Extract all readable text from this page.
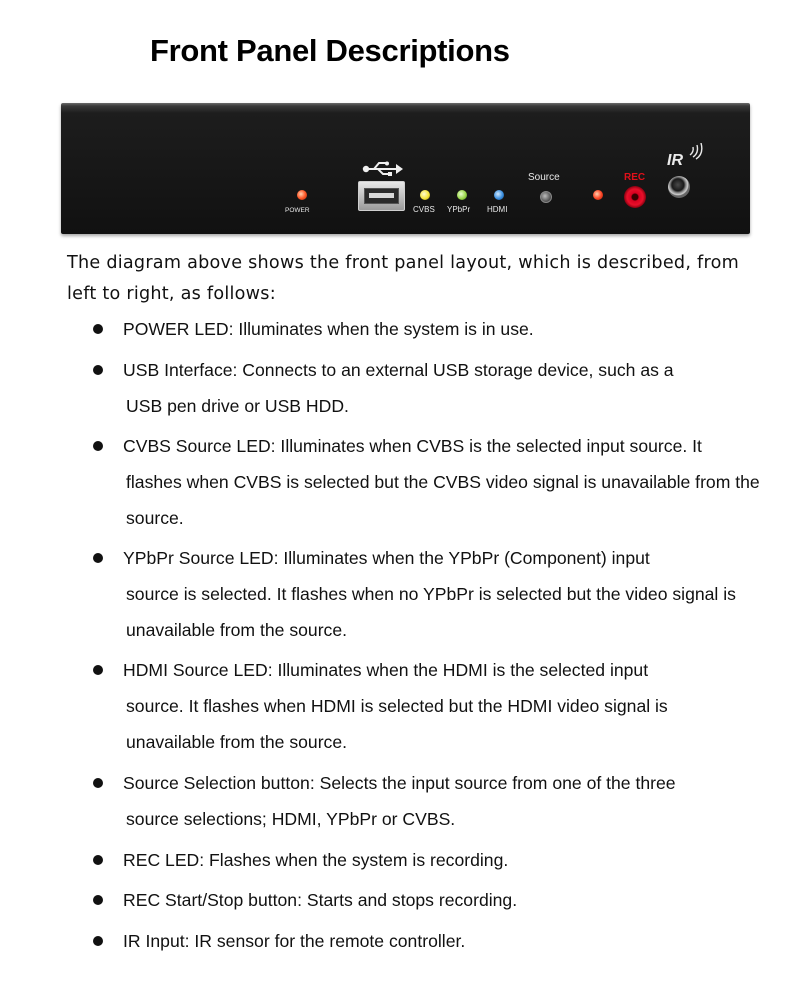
Front Panel Descriptions
POWER	CVBS YPbPr HDMI
Source	REC
IR

The diagram above shows the front panel layout, which is described, from left to right, as follows:

POWER LED: Illuminates when the system is in use.
USB Interface: Connects to an external USB storage device, such as a
USB pen drive or USB HDD.
CVBS Source LED: Illuminates when CVBS is the selected input source. It
flashes when CVBS is selected but the CVBS video signal is unavailable from the source.
YPbPr Source LED: Illuminates when the YPbPr (Component) input
source is selected. It flashes when no YPbPr is selected but the video signal is unavailable from the source.
HDMI Source LED: Illuminates when the HDMI is the selected input
source. It flashes when HDMI is selected but the HDMI video signal is unavailable from the source.
Source Selection button: Selects the input source from one of the three
source selections; HDMI, YPbPr or CVBS.
REC LED: Flashes when the system is recording.
REC Start/Stop button: Starts and stops recording.
IR Input: IR sensor for the remote controller.
